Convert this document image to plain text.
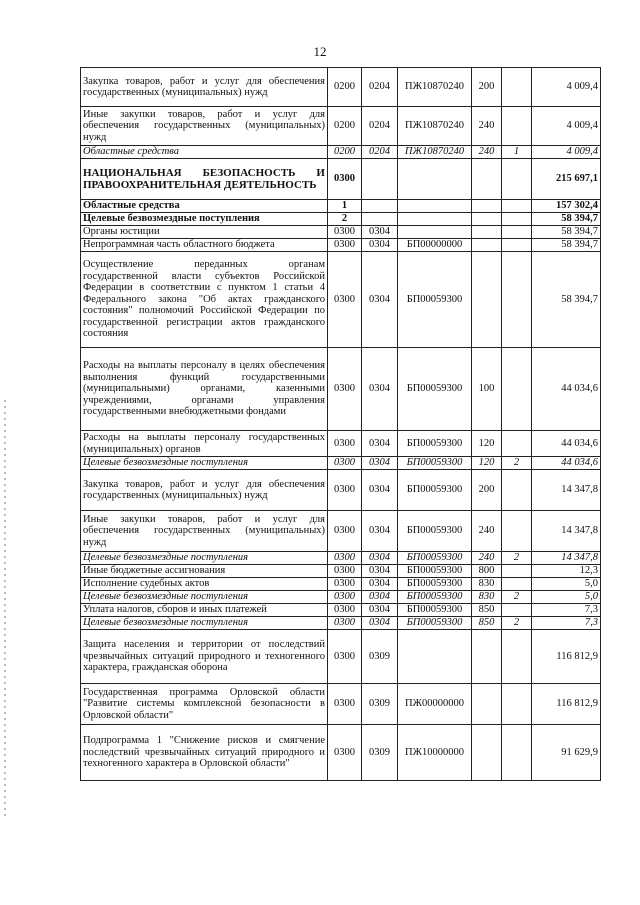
12
Закупка товаров, работ и услуг для обеспечения государственных (муниципальных) нужд	0200	0204	ПЖ10870240	200		4 009,4
Иные закупки товаров, работ и услуг для обеспечения государственных (муниципальных) нужд	0200	0204	ПЖ10870240	240		4 009,4
Областные средства	0200	0204	ПЖ10870240	240	1	4 009,4
НАЦИОНАЛЬНАЯ БЕЗОПАСНОСТЬ И ПРАВООХРАНИТЕЛЬНАЯ ДЕЯТЕЛЬНОСТЬ	0300					215 697,1
Областные средства	1					157 302,4
Целевые безвозмездные поступления	2					58 394,7
Органы юстиции	0300	0304				58 394,7
Непрограммная часть областного бюджета	0300	0304	БП00000000			58 394,7
Осуществление переданных органам государственной власти субъектов Российской Федерации в соответствии с пунктом 1 статьи 4 Федерального закона "Об актах гражданского состояния" полномочий Российской Федерации по государственной регистрации актов гражданского состояния	0300	0304	БП00059300			58 394,7
Расходы на выплаты персоналу в целях обеспечения выполнения функций государственными (муниципальными) органами, казенными учреждениями, органами управления государственными внебюджетными фондами	0300	0304	БП00059300	100		44 034,6
Расходы на выплаты персоналу государственных (муниципальных) органов	0300	0304	БП00059300	120		44 034,6
Целевые безвозмездные поступления	0300	0304	БП00059300	120	2	44 034,6
Закупка товаров, работ и услуг для обеспечения государственных (муниципальных) нужд	0300	0304	БП00059300	200		14 347,8
Иные закупки товаров, работ и услуг для обеспечения государственных (муниципальных) нужд	0300	0304	БП00059300	240		14 347,8
Целевые безвозмездные поступления	0300	0304	БП00059300	240	2	14 347,8
Иные бюджетные ассигнования	0300	0304	БП00059300	800		12,3
Исполнение судебных актов	0300	0304	БП00059300	830		5,0
Целевые безвозмездные поступления	0300	0304	БП00059300	830	2	5,0
Уплата налогов, сборов и иных платежей	0300	0304	БП00059300	850		7,3
Целевые безвозмездные поступления	0300	0304	БП00059300	850	2	7,3
Защита населения и территории от последствий чрезвычайных ситуаций природного и техногенного характера, гражданская оборона	0300	0309				116 812,9
Государственная программа Орловской области "Развитие системы комплексной безопасности в Орловской области"	0300	0309	ПЖ00000000			116 812,9
Подпрограмма 1 "Снижение рисков и смягчение последствий чрезвычайных ситуаций природного и техногенного характера в Орловской области"	0300	0309	ПЖ10000000			91 629,9
